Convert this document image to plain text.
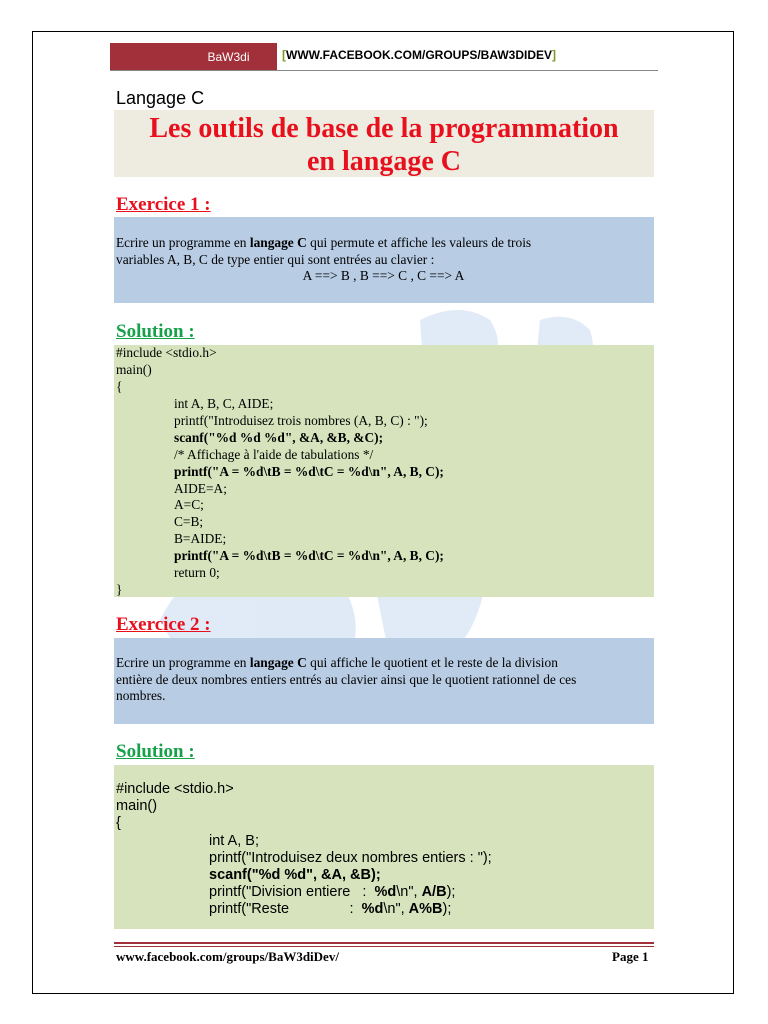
BaW3di	[WWW.FACEBOOK.COM/GROUPS/BAW3DIDEV]
Langage C
Les outils de base de la programmation
en langage C
Exercice 1 :
Ecrire un programme en langage C qui permute et affiche les valeurs de trois
variables A, B, C de type entier qui sont entrées au clavier :
A ==> B , B ==> C , C ==> A
Solution :
#include <stdio.h>
main()
{
int A, B, C, AIDE;
printf("Introduisez trois nombres (A, B, C) : ");
scanf("%d %d %d", &A, &B, &C);
/* Affichage à l'aide de tabulations */
printf("A = %d\tB = %d\tC = %d\n", A, B, C);
AIDE=A;
A=C;
C=B;
B=AIDE;
printf("A = %d\tB = %d\tC = %d\n", A, B, C);
return 0;
}
Exercice 2 :
Ecrire un programme en langage C qui affiche le quotient et le reste de la division
entière de deux nombres entiers entrés au clavier ainsi que le quotient rationnel de ces
nombres.
Solution :
#include <stdio.h>
main()
{
int A, B;
printf("Introduisez deux nombres entiers : ");
scanf("%d %d", &A, &B);
printf("Division entiere   :  %d\n", A/B);
printf("Reste               :  %d\n", A%B);
www.facebook.com/groups/BaW3diDev/	Page 1
